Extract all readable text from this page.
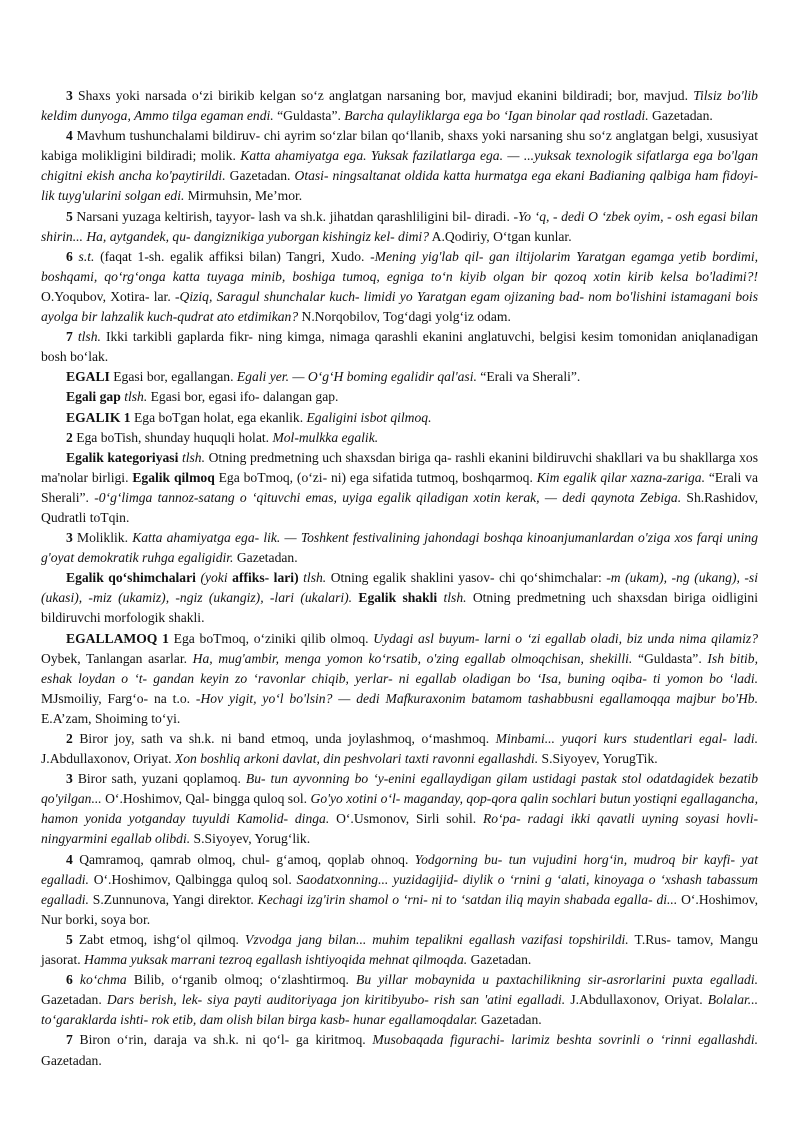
3 Shaxs yoki narsada o‘zi birikib kelgan so‘z anglatgan narsaning bor, mavjud ekanini bildiradi; bor, mavjud. Tilsiz bo'lib keldim dunyoga, Ammo tilga egaman endi. “Guldasta”. Barcha qulayliklarga ega bo ‘Igan binolar qad rostladi. Gazetadan.

4 Mavhum tushunchalami bildiruv- chi ayrim so‘zlar bilan qo‘llanib, shaxs yoki narsaning shu so‘z anglatgan belgi, xususiyat kabiga molikligini bildiradi; molik. Katta ahamiyatga ega. Yuksak fazilatlarga ega. — ...yuksak texnologik sifatlarga ega bo'lgan chigitni ekish ancha ko'paytirildi. Gazetadan. Otasi- ningsaltanat oldida katta hurmatga ega ekani Badianing qalbiga ham fidoyi- lik tuyg'ularini solgan edi. Mirmuhsin, Me’mor.

5 Narsani yuzaga keltirish, tayyor- lash va sh.k. jihatdan qarashliligini bil- diradi. -Yo ‘q, - dedi O ‘zbek oyim, - osh egasi bilan shirin... Ha, aytgandek, qu- dangiznikiga yuborgan kishingiz kel- dimi? A.Qodiriy, O‘tgan kunlar.

6 s.t. (faqat 1-sh. egalik affiksi bilan) Tangri, Xudo. -Mening yig'lab qil- gan iltijolarim Yaratgan egamga yetib bordimi, boshqami, qo‘rg‘onga katta tuyaga minib, boshiga tumoq, egniga to‘n kiyib olgan bir qozoq xotin kirib kelsa bo'ladimi?! O.Yoqubov, Xotira- lar. -Qiziq, Saragul shunchalar kuch- limidi yo Yaratgan egam ojizaning bad- nom bo'lishini istamagani bois ayolga bir lahzalik kuch-qudrat ato etdimikan? N.Norqobilov, Tog‘dagi yolg‘iz odam.

7 tlsh. Ikki tarkibli gaplarda fikr- ning kimga, nimaga qarashli ekanini anglatuvchi, belgisi kesim tomonidan aniqlanadigan bosh bo‘lak.

EGALI Egasi bor, egallangan. Egali yer. — O‘g‘H boming egalidir qal'asi. “Erali va Sherali”.

Egali gap tlsh. Egasi bor, egasi ifo- dalangan gap.

EGALIK 1 Ega boTgan holat, ega ekanlik. Egaligini isbot qilmoq.

2 Ega boTish, shunday huquqli holat. Mol-mulkka egalik.

Egalik kategoriyasi tlsh. Otning predmetning uch shaxsdan biriga qa- rashli ekanini bildiruvchi shakllari va bu shakllarga xos ma'nolar birligi. Egalik qilmoq Ega boTmoq, (o‘zi- ni) ega sifatida tutmoq, boshqarmoq. Kim egalik qilar xazna-zariga. “Erali va Sherali”. -0‘g‘limga tannoz-satang o ‘qituvchi emas, uyiga egalik qiladigan xotin kerak, — dedi qaynota Zebiga. Sh.Rashidov, Qudratli toTqin.

3 Moliklik. Katta ahamiyatga ega- lik. — Toshkent festivalining jahondagi boshqa kinoanjumanlardan o'ziga xos farqi uning g'oyat demokratik ruhga egaligidir. Gazetadan.

Egalik qo‘shimchalari (yoki affiks- lari) tlsh. Otning egalik shaklini yasov- chi qo‘shimchalar: -m (ukam), -ng (ukang), -si (ukasi), -miz (ukamiz), -ngiz (ukangiz), -lari (ukalari). Egalik shakli tlsh. Otning predmetning uch shaxsdan biriga oidligini bildiruvchi morfologik shakli.

EGALLAMOQ 1 Ega boTmoq, o‘ziniki qilib olmoq. Uydagi asl buyum- larni o ‘zi egallab oladi, biz unda nima qilamiz? Oybek, Tanlangan asarlar. Ha, mug'ambir, menga yomon ko‘rsatib, o'zing egallab olmoqchisan, shekilli. “Guldasta”. Ish bitib, eshak loydan o ‘t- gandan keyin zo ‘ravonlar chiqib, yerlar- ni egallab oladigan bo ‘Isa, buning oqiba- ti yomon bo ‘ladi. MJsmoiliy, Farg‘o- na t.o. -Hov yigit, yo‘l bo'lsin? — dedi Mafkuraxonim batamom tashabbusni egallamoqqa majbur bo'Hb. E.A’zam, Shoiming to‘yi.

2 Biror joy, sath va sh.k. ni band etmoq, unda joylashmoq, o‘mashmoq. Minbami... yuqori kurs studentlari egal- ladi. J.Abdullaxonov, Oriyat. Xon boshliq arkoni davlat, din peshvolari taxti ravonni egallashdi. S.Siyoyev, YorugTik.

3 Biror sath, yuzani qoplamoq. Bu- tun ayvonning bo ‘y-enini egallaydigan gilam ustidagi pastak stol odatdagidek bezatib qo'yilgan... O‘.Hoshimov, Qal- bingga quloq sol. Go'yo xotini o‘l- maganday, qop-qora qalin sochlari butun yostiqni egallagancha, hamon yonida yotganday tuyuldi Kamolid- dinga. O‘.Usmonov, Sirli sohil. Ro‘pa- radagi ikki qavatli uyning soyasi hovli- ningyarmini egallab olibdi. S.Siyoyev, Yorug‘lik.

4 Qamramoq, qamrab olmoq, chul- g‘amoq, qoplab ohnoq. Yodgorning bu- tun vujudini horg‘in, mudroq bir kayfi- yat egalladi. O‘.Hoshimov, Qalbingga quloq sol. Saodatxonning... yuzidagijid- diylik o ‘rnini g ‘alati, kinoyaga o ‘xshash tabassum egalladi. S.Zunnunova, Yangi direktor. Kechagi izg'irin shamol o ‘rni- ni to ‘satdan iliq mayin shabada egalla- di... O‘.Hoshimov, Nur borki, soya bor.

5 Zabt etmoq, ishg‘ol qilmoq. Vzvodga jang bilan... muhim tepalikni egallash vazifasi topshirildi. T.Rus- tamov, Mangu jasorat. Hamma yuksak marrani tezroq egallash ishtiyoqida mehnat qilmoqda. Gazetadan.

6 ko‘chma Bilib, o‘rganib olmoq; o‘zlashtirmoq. Bu yillar mobaynida u paxtachilikning sir-asrorlarini puxta egalladi. Gazetadan. Dars berish, lek- siya payti auditoriyaga jon kiritibyubo- rish san 'atini egalladi. J.Abdullaxonov, Oriyat. Bolalar... to‘garaklarda ishti- rok etib, dam olish bilan birga kasb- hunar egallamoqdalar. Gazetadan.

7 Biron o‘rin, daraja va sh.k. ni qo‘l- ga kiritmoq. Musobaqada figurachi- larimiz beshta sovrinli o ‘rinni egallashdi. Gazetadan.
